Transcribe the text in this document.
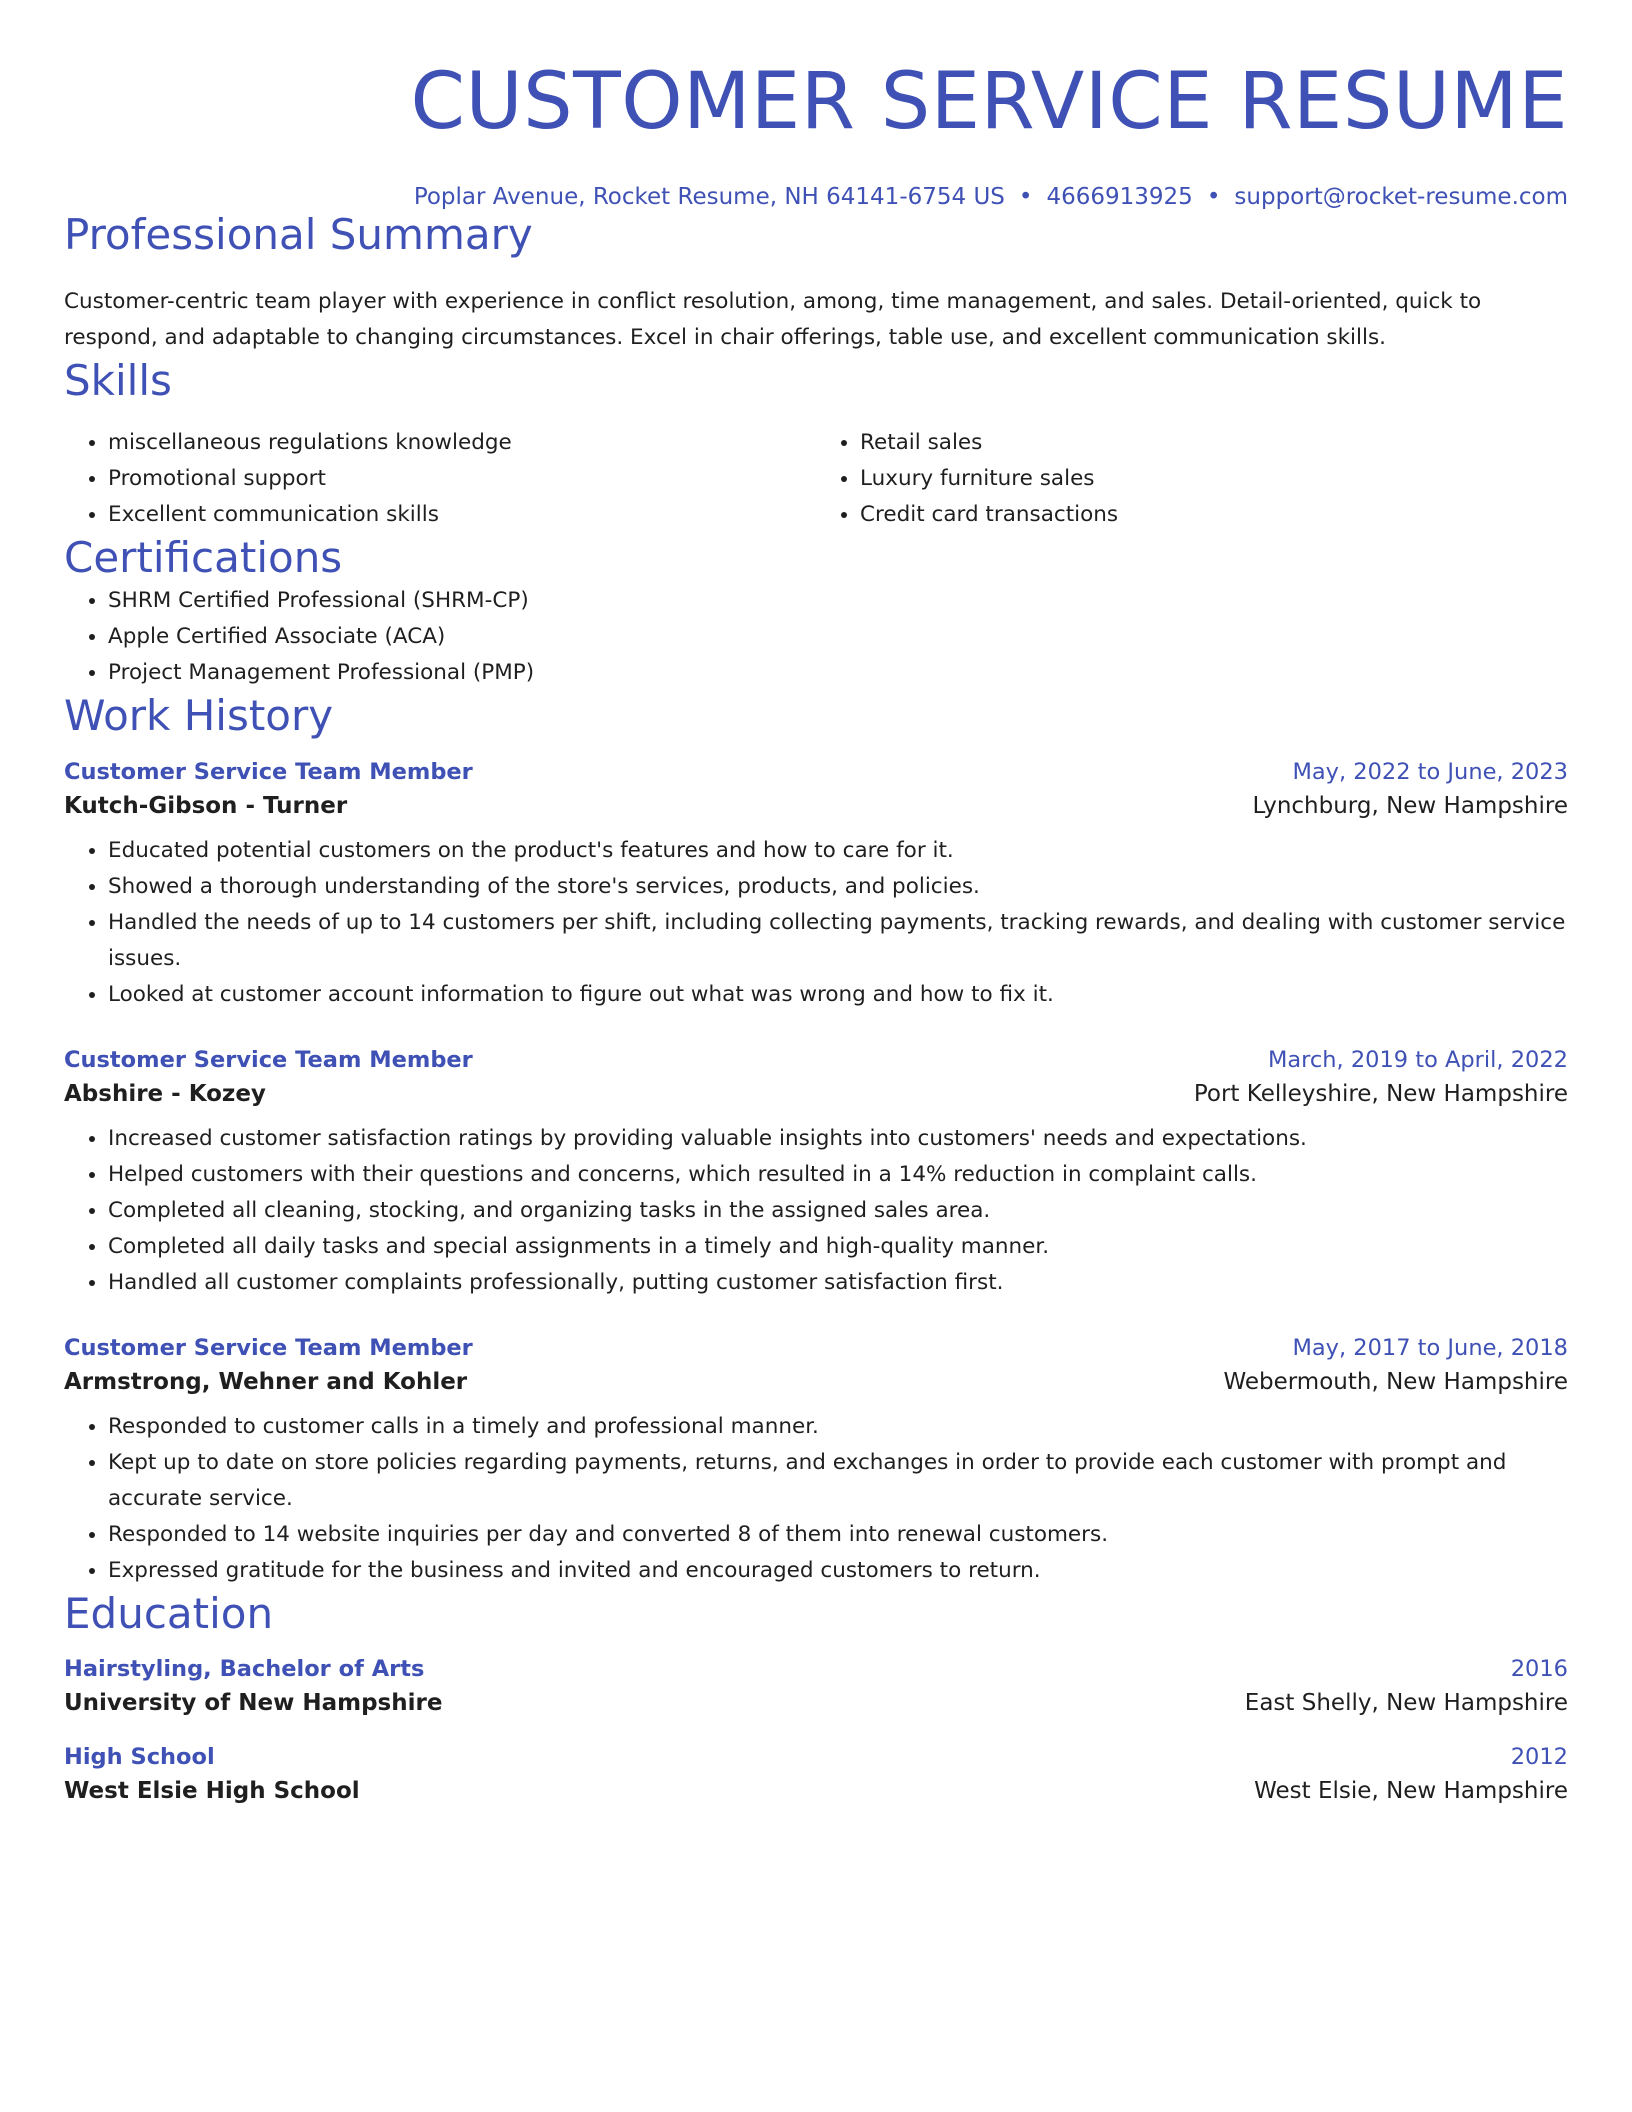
CUSTOMER SERVICE RESUME
Poplar Avenue, Rocket Resume, NH 64141-6754 US • 4666913925 • support@rocket-resume.com
Professional Summary
Customer-centric team player with experience in conflict resolution, among, time management, and sales. Detail-oriented, quick to respond, and adaptable to changing circumstances. Excel in chair offerings, table use, and excellent communication skills.
Skills
• miscellaneous regulations knowledge
• Promotional support
• Excellent communication skills
• Retail sales
• Luxury furniture sales
• Credit card transactions
Certifications
• SHRM Certified Professional (SHRM-CP)
• Apple Certified Associate (ACA)
• Project Management Professional (PMP)
Work History
Customer Service Team Member	May, 2022 to June, 2023
Kutch-Gibson - Turner	Lynchburg, New Hampshire
• Educated potential customers on the product's features and how to care for it.
• Showed a thorough understanding of the store's services, products, and policies.
• Handled the needs of up to 14 customers per shift, including collecting payments, tracking rewards, and dealing with customer service issues.
• Looked at customer account information to figure out what was wrong and how to fix it.
Customer Service Team Member	March, 2019 to April, 2022
Abshire - Kozey	Port Kelleyshire, New Hampshire
• Increased customer satisfaction ratings by providing valuable insights into customers' needs and expectations.
• Helped customers with their questions and concerns, which resulted in a 14% reduction in complaint calls.
• Completed all cleaning, stocking, and organizing tasks in the assigned sales area.
• Completed all daily tasks and special assignments in a timely and high-quality manner.
• Handled all customer complaints professionally, putting customer satisfaction first.
Customer Service Team Member	May, 2017 to June, 2018
Armstrong, Wehner and Kohler	Webermouth, New Hampshire
• Responded to customer calls in a timely and professional manner.
• Kept up to date on store policies regarding payments, returns, and exchanges in order to provide each customer with prompt and accurate service.
• Responded to 14 website inquiries per day and converted 8 of them into renewal customers.
• Expressed gratitude for the business and invited and encouraged customers to return.
Education
Hairstyling, Bachelor of Arts	2016
University of New Hampshire	East Shelly, New Hampshire
High School	2012
West Elsie High School	West Elsie, New Hampshire
